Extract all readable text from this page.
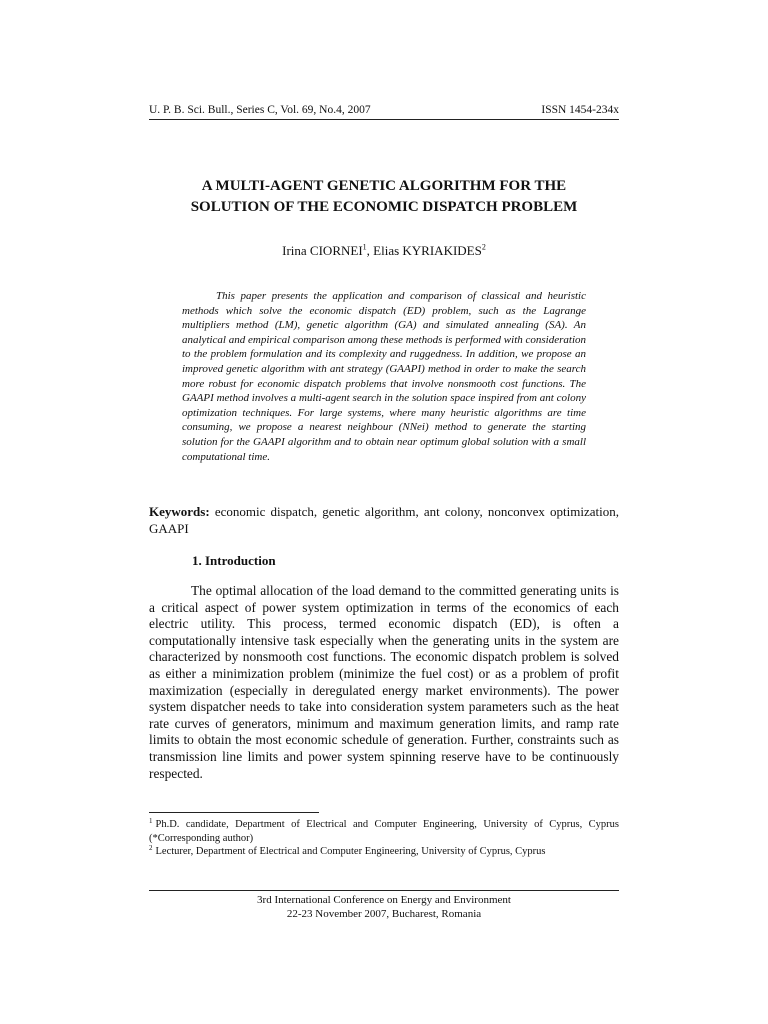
U. P. B. Sci. Bull., Series C, Vol. 69, No.4, 2007	ISSN 1454-234x
A MULTI-AGENT GENETIC ALGORITHM FOR THE
SOLUTION OF THE ECONOMIC DISPATCH PROBLEM
Irina CIORNEI$^1$, Elias KYRIAKIDES$^2$
This paper presents the application and comparison of classical and heuristic methods which solve the economic dispatch (ED) problem, such as the Lagrange multipliers method (LM), genetic algorithm (GA) and simulated annealing (SA). An analytical and empirical comparison among these methods is performed with consideration to the problem formulation and its complexity and ruggedness. In addition, we propose an improved genetic algorithm with ant strategy (GAAPI) method in order to make the search more robust for economic dispatch problems that involve nonsmooth cost functions. The GAAPI method involves a multi-agent search in the solution space inspired from ant colony optimization techniques. For large systems, where many heuristic algorithms are time consuming, we propose a nearest neighbour (NNei) method to generate the starting solution for the GAAPI algorithm and to obtain near optimum global solution with a small computational time.
Keywords: economic dispatch, genetic algorithm, ant colony, nonconvex optimization, GAAPI
1. Introduction
The optimal allocation of the load demand to the committed generating units is a critical aspect of power system optimization in terms of the economics of each electric utility. This process, termed economic dispatch (ED), is often a computationally intensive task especially when the generating units in the system are characterized by nonsmooth cost functions. The economic dispatch problem is solved as either a minimization problem (minimize the fuel cost) or as a problem of profit maximization (especially in deregulated energy market environments). The power system dispatcher needs to take into consideration system parameters such as the heat rate curves of generators, minimum and maximum generation limits, and ramp rate limits to obtain the most economic schedule of generation. Further, constraints such as transmission line limits and power system spinning reserve have to be continuously respected.

$^1$ Ph.D. candidate, Department of Electrical and Computer Engineering, University of Cyprus, Cyprus (*Corresponding author)

$^2$ Lecturer, Department of Electrical and Computer Engineering, University of Cyprus, Cyprus

3rd International Conference on Energy and Environment
22-23 November 2007, Bucharest, Romania
